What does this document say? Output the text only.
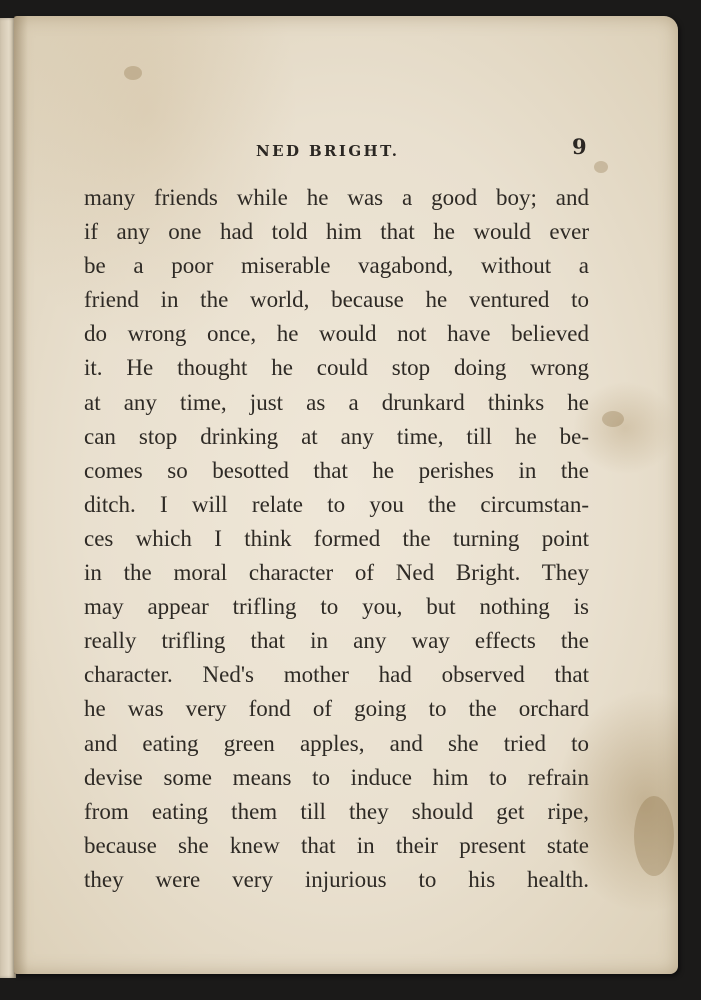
NED BRIGHT.	9
many friends while he was a good boy; and
if any one had told him that he would ever
be a poor miserable vagabond, without a
friend in the world, because he ventured to
do wrong once, he would not have believed
it. He thought he could stop doing wrong
at any time, just as a drunkard thinks he
can stop drinking at any time, till he be-
comes so besotted that he perishes in the
ditch. I will relate to you the circumstan-
ces which I think formed the turning point
in the moral character of Ned Bright. They
may appear trifling to you, but nothing is
really trifling that in any way effects the
character. Ned's mother had observed that
he was very fond of going to the orchard
and eating green apples, and she tried to
devise some means to induce him to refrain
from eating them till they should get ripe,
because she knew that in their present state
they were very injurious to his health.
